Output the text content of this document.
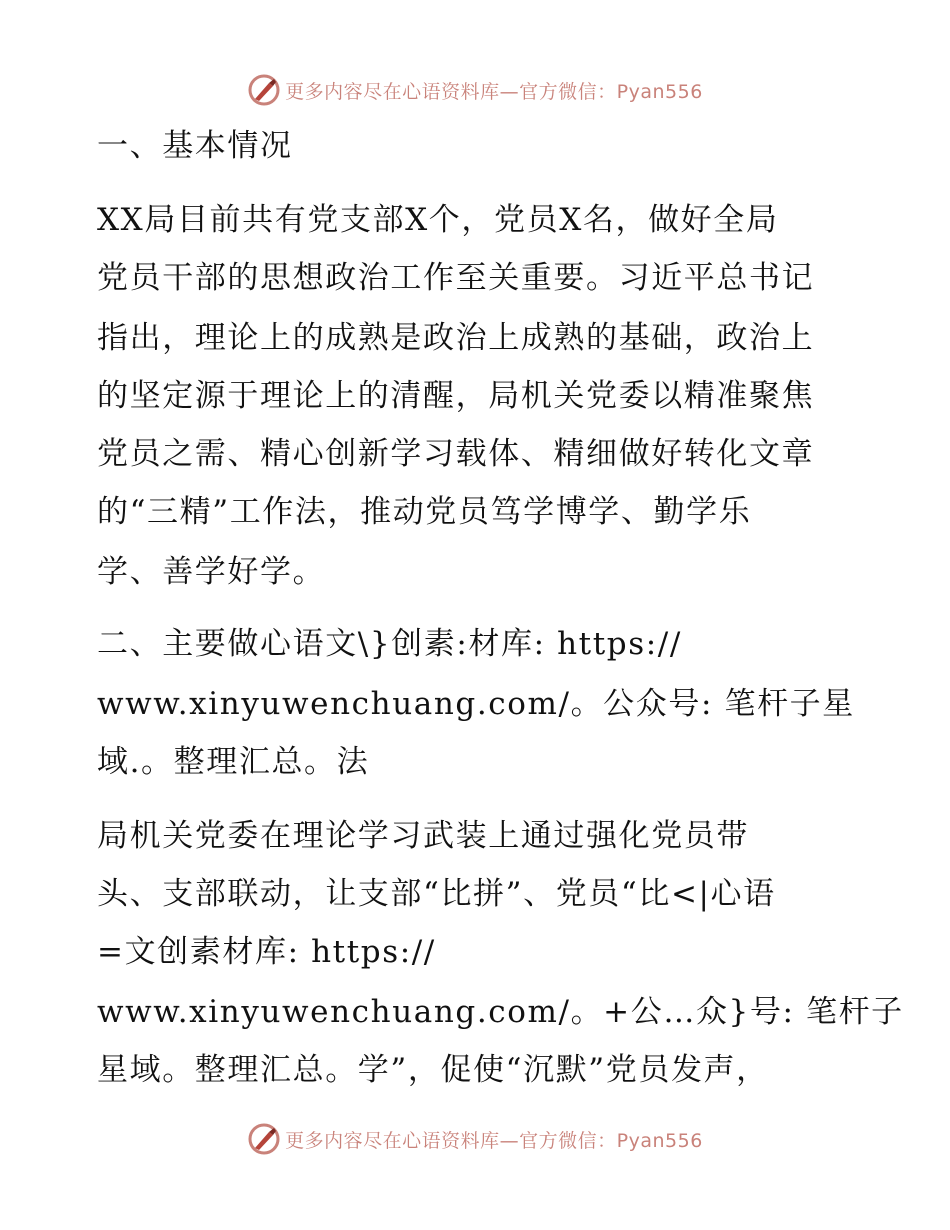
更多内容尽在心语资料库—官方微信：Pyan556
一、基本情况
XX局目前共有党支部X个，党员X名，做好全局
党员干部的思想政治工作至关重要。习近平总书记
指出，理论上的成熟是政治上成熟的基础，政治上
的坚定源于理论上的清醒，局机关党委以精准聚焦
党员之需、精心创新学习载体、精细做好转化文章
的“三精”工作法，推动党员笃学博学、勤学乐
学、善学好学。
二、主要做心语文\}创素:材库: https://
www.xinyuwenchuang.com/。公众号: 笔杆子星
域.。整理汇总。法
局机关党委在理论学习武装上通过强化党员带
头、支部联动，让支部“比拼”、党员“比<|心语
=文创素材库: https://
www.xinyuwenchuang.com/。+公…众}号: 笔杆子
星域。整理汇总。学”，促使“沉默”党员发声，
更多内容尽在心语资料库—官方微信：Pyan556
